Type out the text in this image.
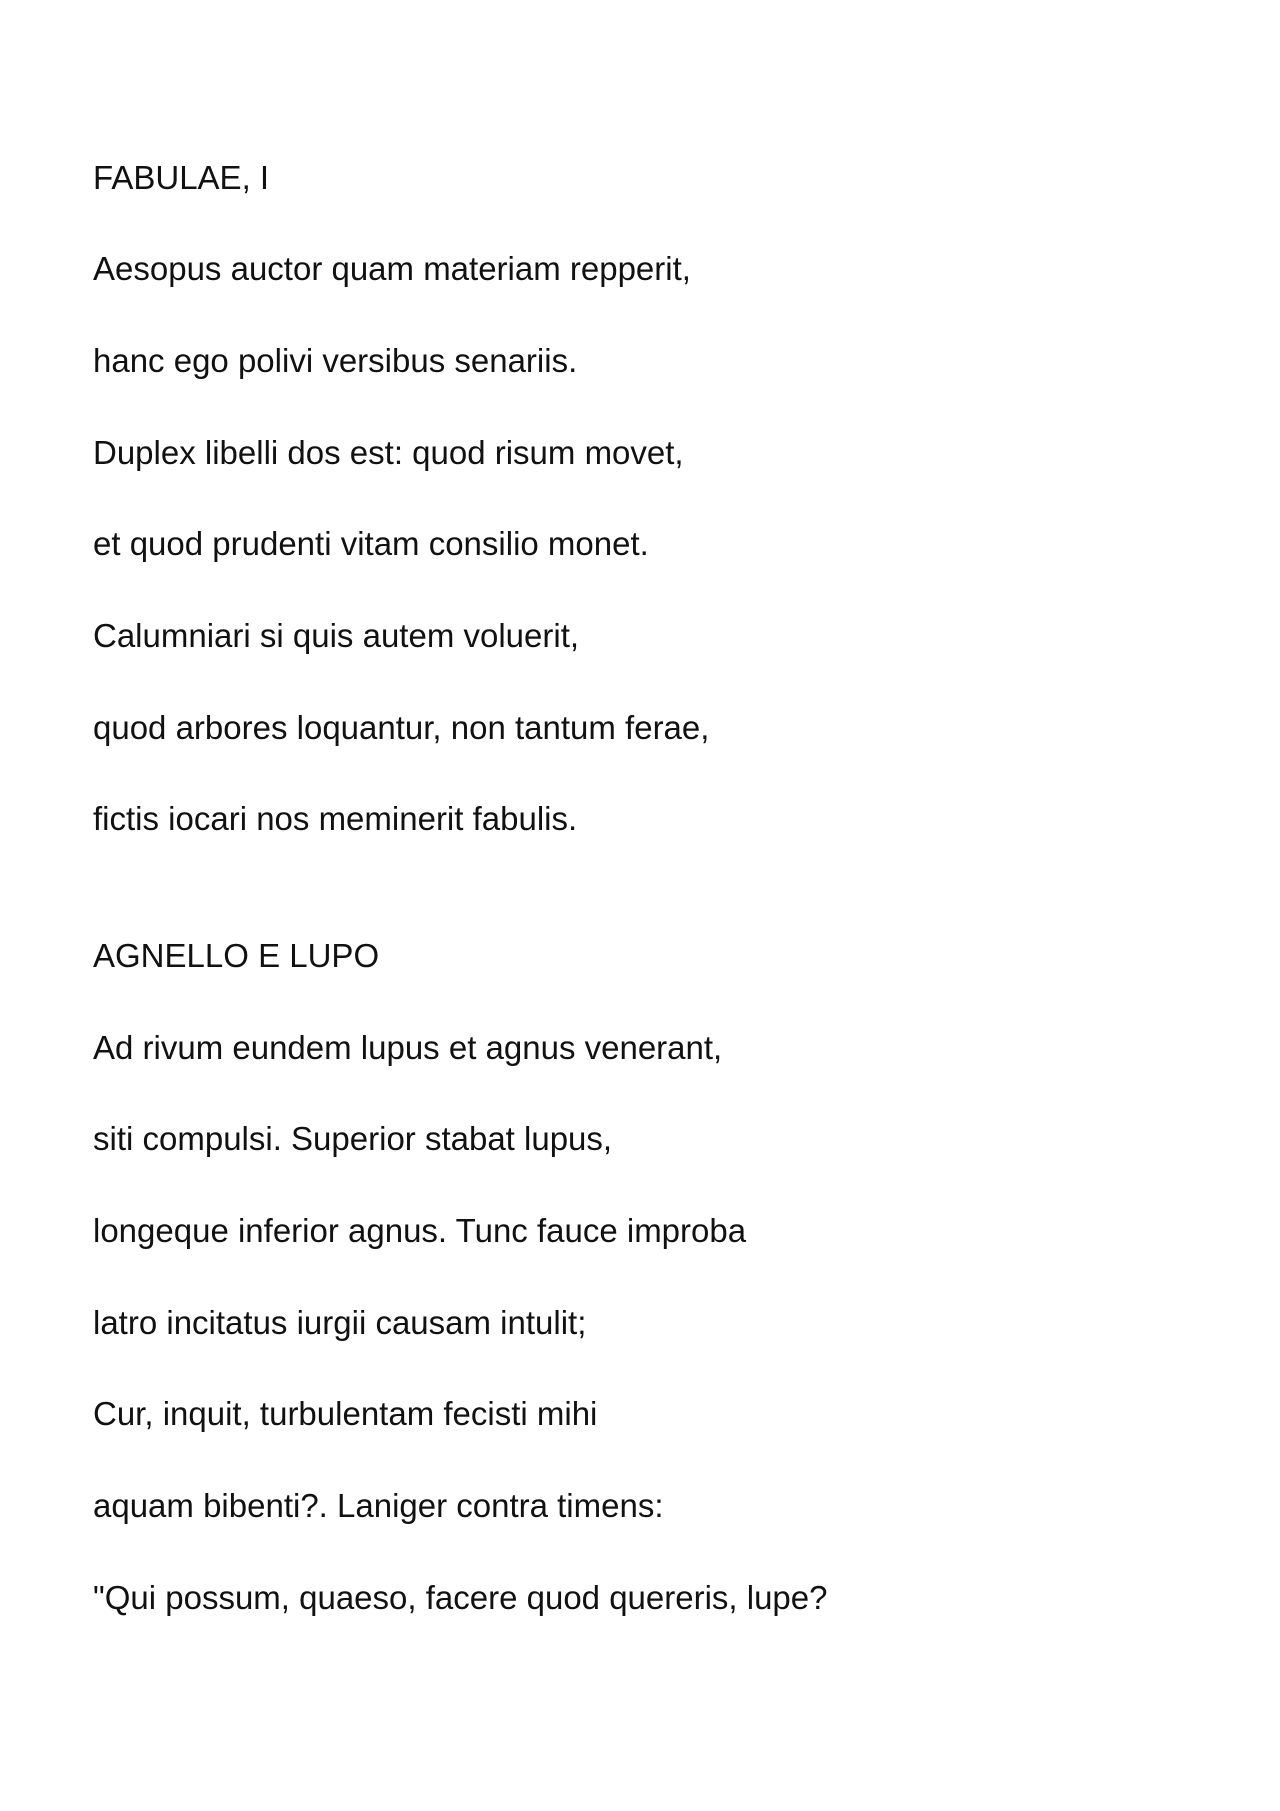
FABULAE, I

Aesopus auctor quam materiam repperit,

hanc ego polivi versibus senariis.

Duplex libelli dos est: quod risum movet,

et quod prudenti vitam consilio monet.

Calumniari si quis autem voluerit,

quod arbores loquantur, non tantum ferae,

fictis iocari nos meminerit fabulis.

AGNELLO E LUPO

Ad rivum eundem lupus et agnus venerant,

siti compulsi. Superior stabat lupus,

longeque inferior agnus. Tunc fauce improba

latro incitatus iurgii causam intulit;

Cur, inquit, turbulentam fecisti mihi

aquam bibenti?. Laniger contra timens:

"Qui possum, quaeso, facere quod quereris, lupe?
